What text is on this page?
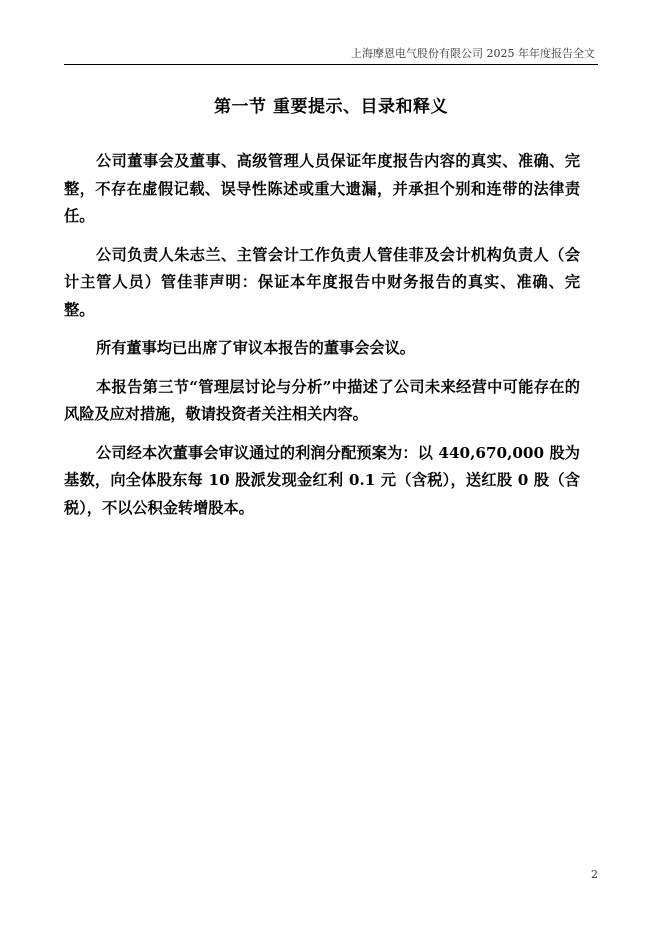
上海摩恩电气股份有限公司 2025 年年度报告全文
第一节 重要提示、目录和释义

公司董事会及董事、高级管理人员保证年度报告内容的真实、准确、完整，不存在虚假记载、误导性陈述或重大遗漏，并承担个别和连带的法律责任。

公司负责人朱志兰、主管会计工作负责人管佳菲及会计机构负责人（会计主管人员）管佳菲声明：保证本年度报告中财务报告的真实、准确、完整。

所有董事均已出席了审议本报告的董事会会议。

本报告第三节“管理层讨论与分析”中描述了公司未来经营中可能存在的风险及应对措施，敬请投资者关注相关内容。

公司经本次董事会审议通过的利润分配预案为：以 440,670,000 股为基数，向全体股东每 10 股派发现金红利 0.1 元（含税），送红股 0 股（含税），不以公积金转增股本。

2
